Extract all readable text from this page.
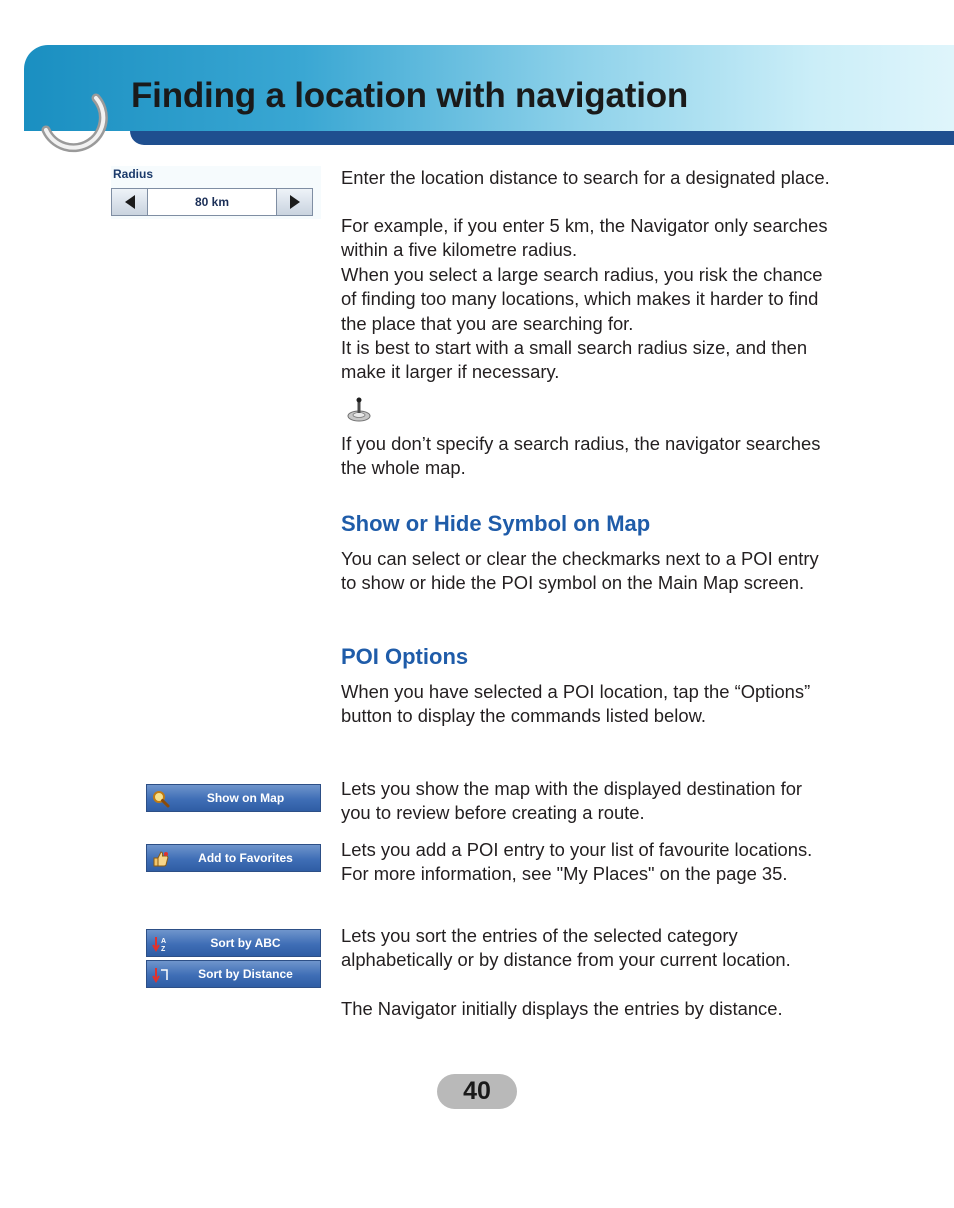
Finding a location with navigation
Radius
80 km

Enter the location distance to search for a designated place.

For example, if you enter 5 km, the Navigator only searches within a five kilometre radius.

When you select a large search radius, you risk the chance of finding too many locations, which makes it harder to find the place that you are searching for.

It is best to start with a small search radius size, and then make it larger if necessary.

If you don’t specify a search radius, the navigator searches the whole map.

Show or Hide Symbol on Map

You can select or clear the checkmarks next to a POI entry to show or hide the POI symbol on the Main Map screen.

POI Options

When you have selected a POI location, tap the “Options” button to display the commands listed below.

Show on Map	Lets you show the map with the displayed destination for you to review before creating a route.

Add to Favorites	Lets you add a POI entry to your list of favourite locations. For more information, see "My Places" on the page 35.

A
Z	Sort by ABC
Sort by Distance

Lets you sort the entries of the selected category alphabetically or by distance from your current location.

The Navigator initially displays the entries by distance.

40
